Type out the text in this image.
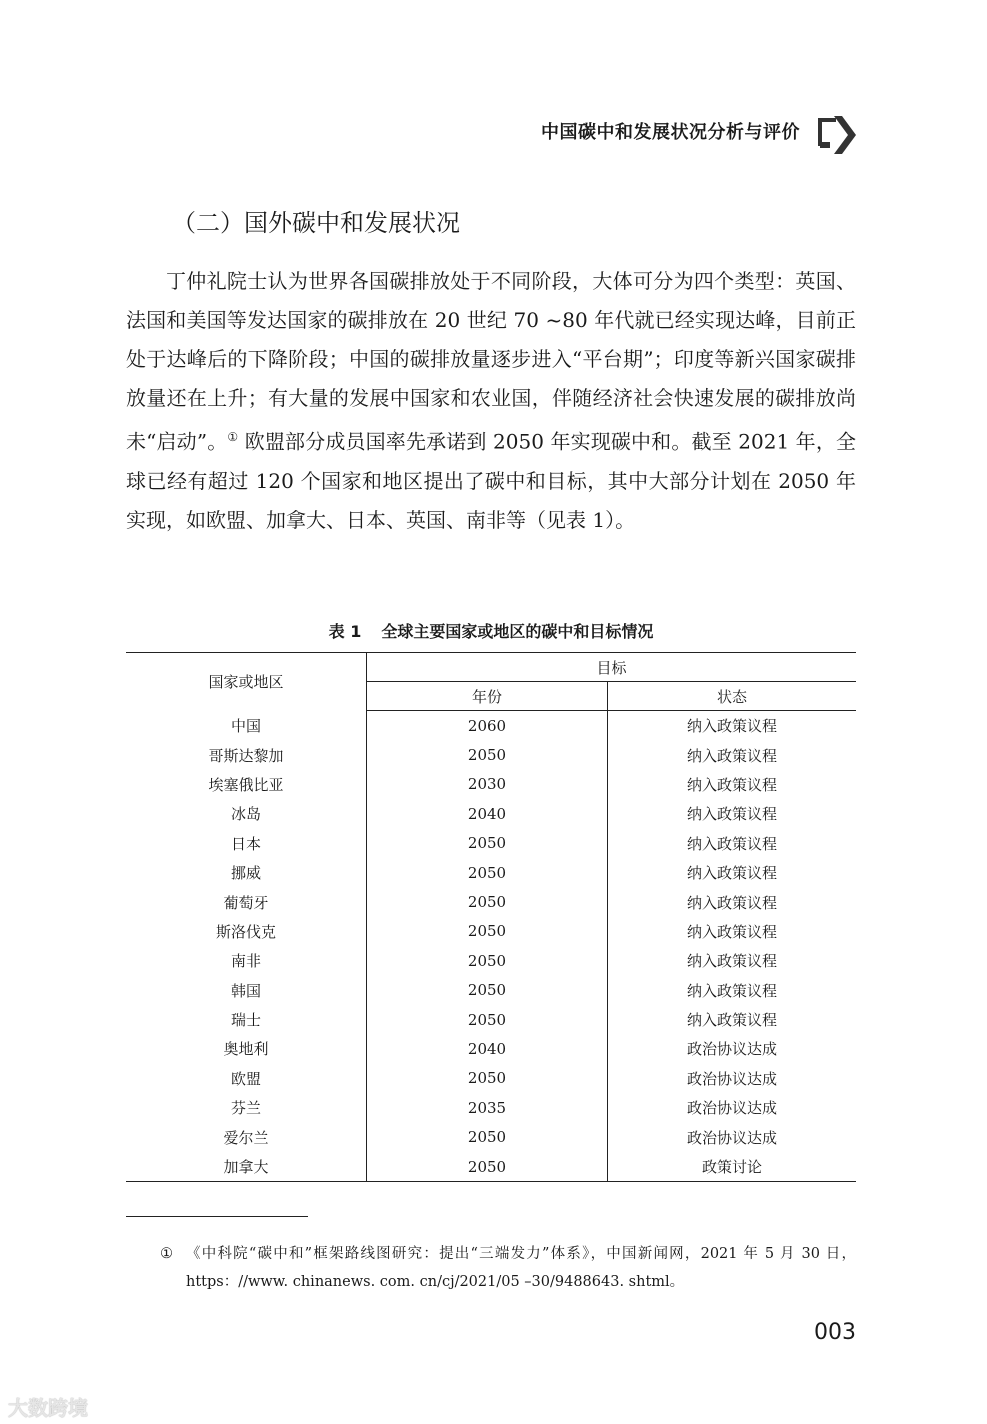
中国碳中和发展状况分析与评价
（二）国外碳中和发展状况

丁仲礼院士认为世界各国碳排放处于不同阶段，大体可分为四个类型：英国、法国和美国等发达国家的碳排放在 20 世纪 70 ~80 年代就已经实现达峰，目前正处于达峰后的下降阶段；中国的碳排放量逐步进入“平台期”；印度等新兴国家碳排放量还在上升；有大量的发展中国家和农业国，伴随经济社会快速发展的碳排放尚未“启动”。① 欧盟部分成员国率先承诺到 2050 年实现碳中和。截至 2021 年，全球已经有超过 120 个国家和地区提出了碳中和目标，其中大部分计划在 2050 年实现，如欧盟、加拿大、日本、英国、南非等（见表 1）。

表 1 全球主要国家或地区的碳中和目标情况
国家或地区	目标	
	年份	状态
中国	2060	纳入政策议程
哥斯达黎加	2050	纳入政策议程
埃塞俄比亚	2030	纳入政策议程
冰岛	2040	纳入政策议程
日本	2050	纳入政策议程
挪威	2050	纳入政策议程
葡萄牙	2050	纳入政策议程
斯洛伐克	2050	纳入政策议程
南非	2050	纳入政策议程
韩国	2050	纳入政策议程
瑞士	2050	纳入政策议程
奥地利	2040	政治协议达成
欧盟	2050	政治协议达成
芬兰	2035	政治协议达成
爱尔兰	2050	政治协议达成
加拿大	2050	政策讨论
① 《中科院“碳中和”框架路线图研究：提出“三端发力”体系》，中国新闻网，2021 年 5 月 30 日，https：//www. chinanews. com. cn/cj/2021/05 –30/9488643. shtml。
003
大数跨境
